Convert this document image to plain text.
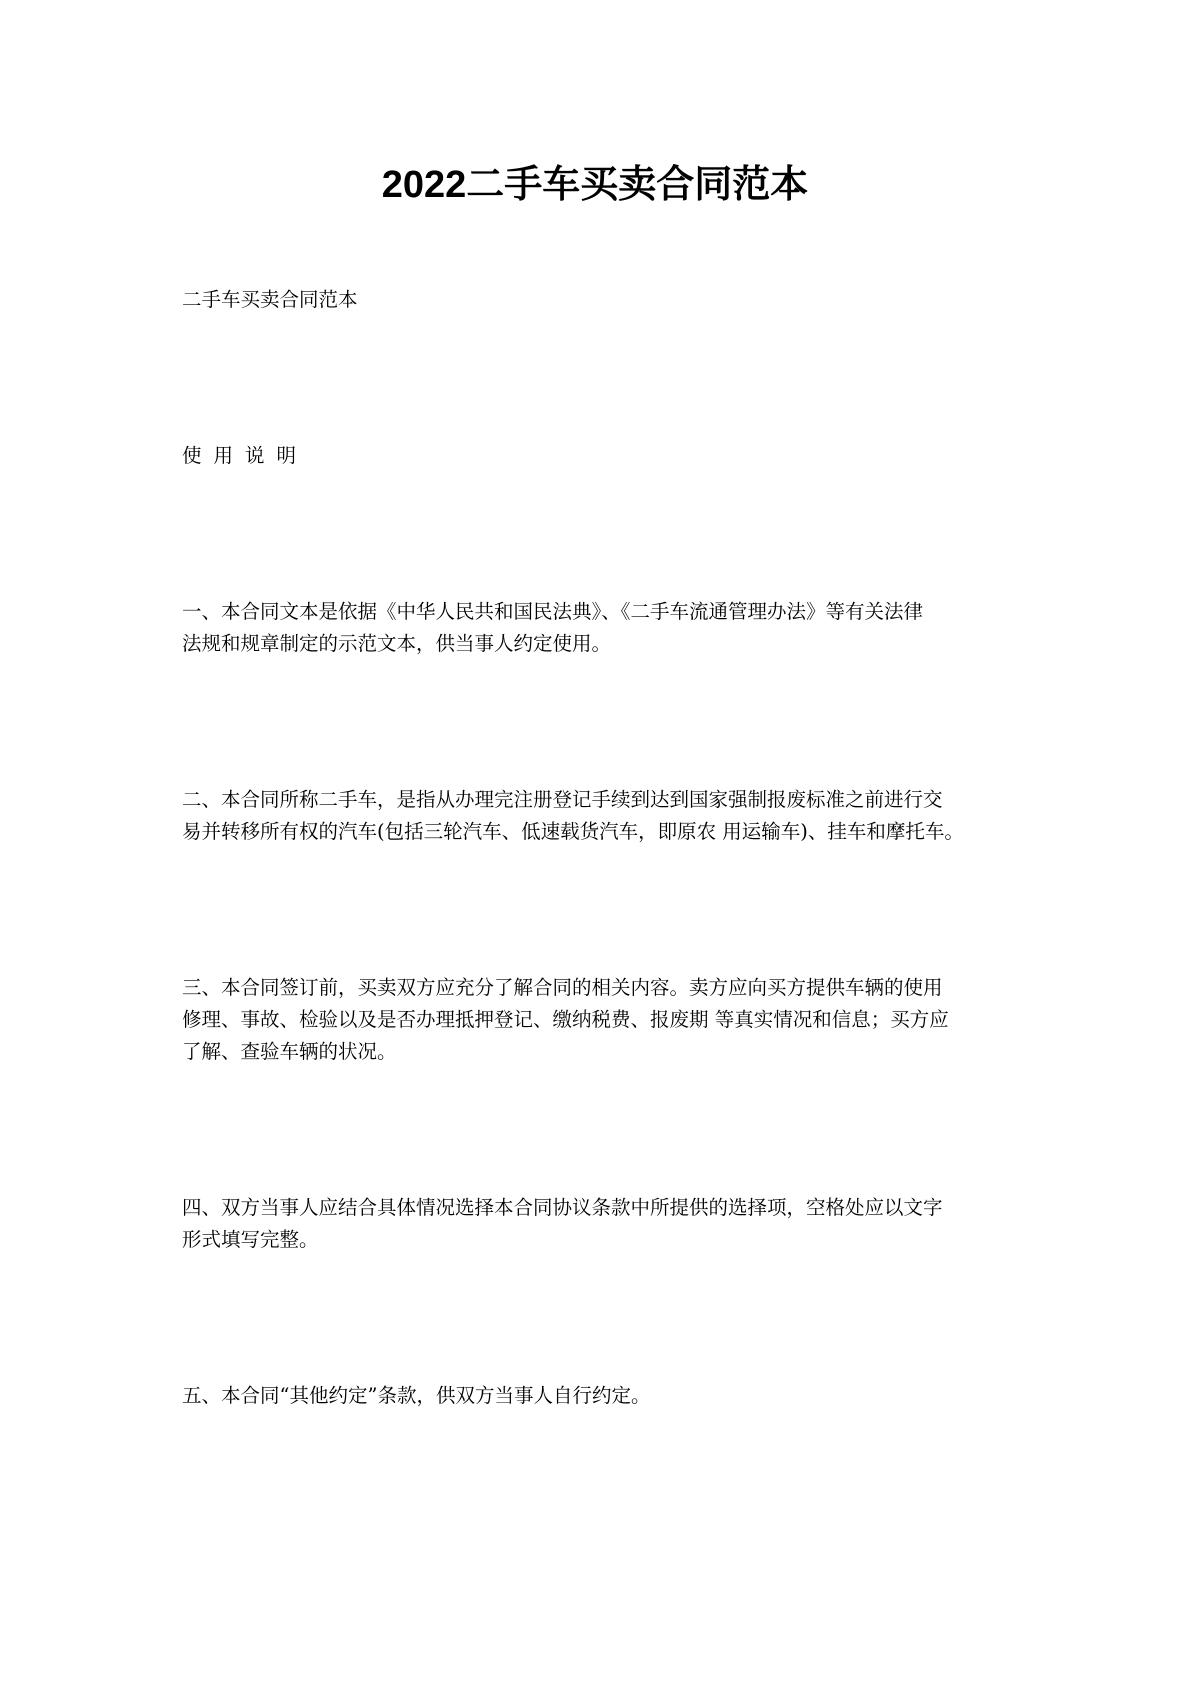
2022二手车买卖合同范本

二手车买卖合同范本

使用说明

一、本合同文本是依据《中华人民共和国民法典》、《二手车流通管理办法》等有关法律

法规和规章制定的示范文本，供当事人约定使用。

二、本合同所称二手车，是指从办理完注册登记手续到达到国家强制报废标准之前进行交

易并转移所有权的汽车(包括三轮汽车、低速载货汽车，即原农 用运输车)、挂车和摩托车。

三、本合同签订前，买卖双方应充分了解合同的相关内容。卖方应向买方提供车辆的使用

修理、事故、检验以及是否办理抵押登记、缴纳税费、报废期 等真实情况和信息；买方应

了解、查验车辆的状况。

四、双方当事人应结合具体情况选择本合同协议条款中所提供的选择项，空格处应以文字

形式填写完整。

五、本合同“其他约定”条款，供双方当事人自行约定。
